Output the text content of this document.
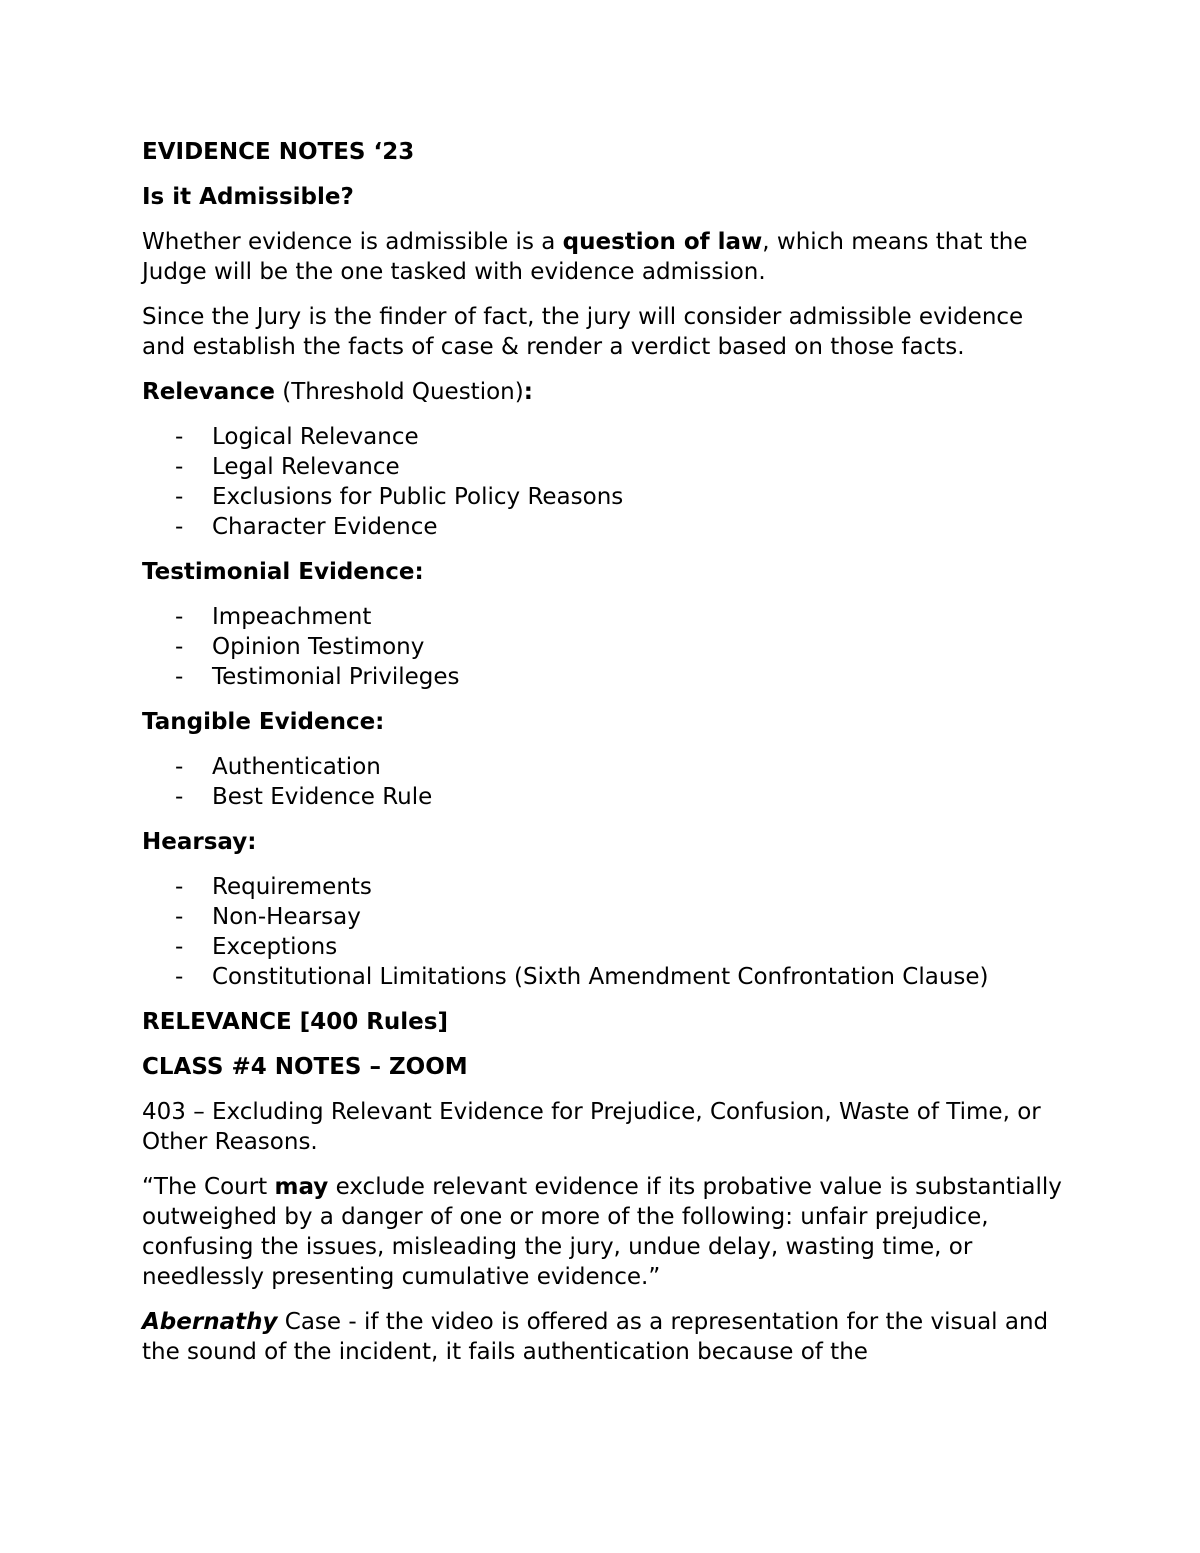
EVIDENCE NOTES ‘23
Is it Admissible?

Whether evidence is admissible is a question of law, which means that the Judge will be the one tasked with evidence admission.

Since the Jury is the finder of fact, the jury will consider admissible evidence and establish the facts of case & render a verdict based on those facts.

Relevance (Threshold Question):

- Logical Relevance
- Legal Relevance
- Exclusions for Public Policy Reasons
- Character Evidence
Testimonial Evidence:
- Impeachment
- Opinion Testimony
- Testimonial Privileges
Tangible Evidence:
- Authentication
- Best Evidence Rule
Hearsay:
- Requirements
- Non-Hearsay
- Exceptions
- Constitutional Limitations (Sixth Amendment Confrontation Clause)
RELEVANCE [400 Rules]
CLASS #4 NOTES – ZOOM

403 – Excluding Relevant Evidence for Prejudice, Confusion, Waste of Time, or Other Reasons.

“The Court may exclude relevant evidence if its probative value is substantially outweighed by a danger of one or more of the following: unfair prejudice, confusing the issues, misleading the jury, undue delay, wasting time, or needlessly presenting cumulative evidence.”

Abernathy Case - if the video is offered as a representation for the visual and the sound of the incident, it fails authentication because of the
